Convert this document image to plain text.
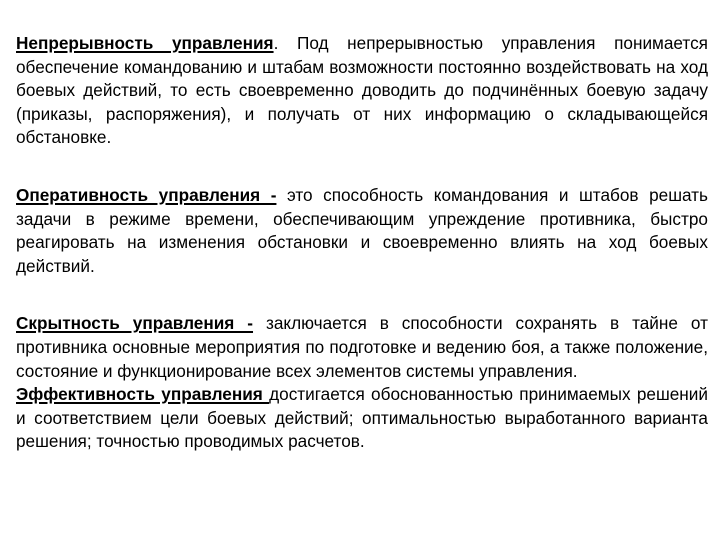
Непрерывность управления. Под непрерывностью управления понимается обеспечение командованию и штабам возможности постоянно воздействовать на ход боевых действий, то есть своевременно доводить до подчинённых боевую задачу (приказы, распоряжения), и получать от них информацию о складывающейся обстановке.

Оперативность управления - это способность командования и штабов решать задачи в режиме времени, обеспечивающим упреждение противника, быстро реагировать на изменения обстановки и своевременно влиять на ход боевых действий.

Скрытность управления - заключается в способности сохранять в тайне от противника основные мероприятия по подготовке и ведению боя, а также положение, состояние и функционирование всех элементов системы управления.

Эффективность управления достигается обоснованностью принимаемых решений и соответствием цели боевых действий; оптимальностью выработанного варианта решения; точностью проводимых расчетов.
